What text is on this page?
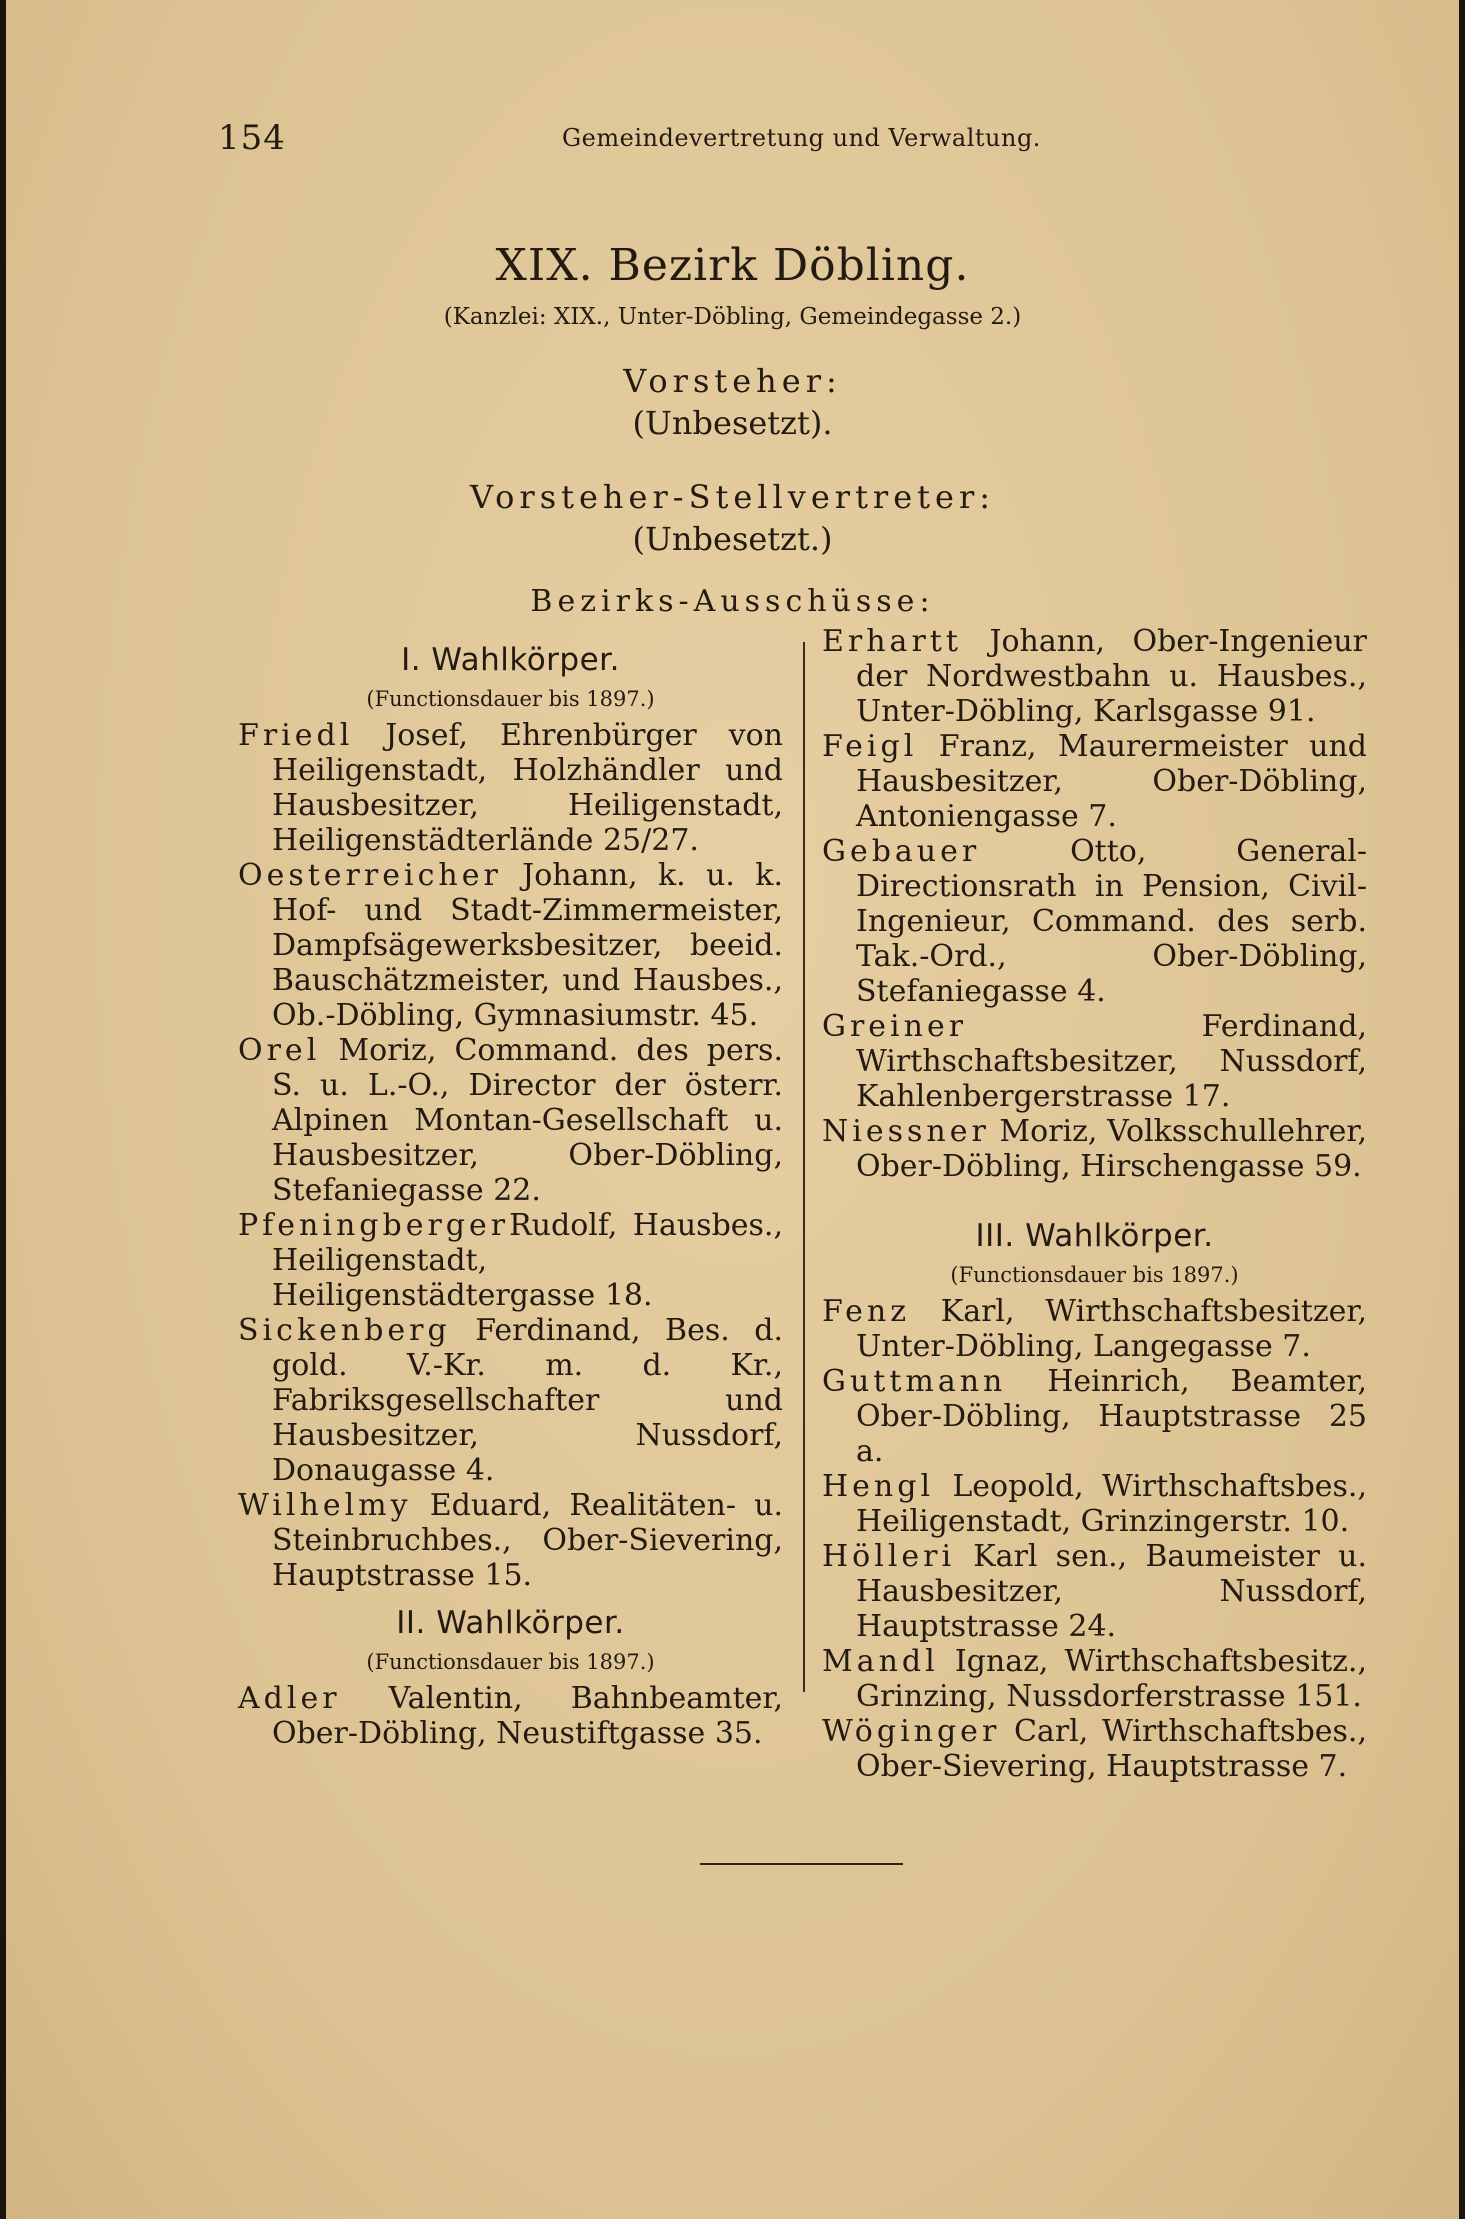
154	Gemeindevertretung und Verwaltung.
XIX. Bezirk Döbling.
(Kanzlei: XIX., Unter-Döbling, Gemeindegasse 2.)
Vorsteher:
(Unbesetzt).
Vorsteher-Stellvertreter:
(Unbesetzt.)
Bezirks-Ausschüsse:
I. Wahlkörper.
(Functionsdauer bis 1897.)

Friedl Josef, Ehrenbürger von Heiligenstadt, Holzhändler und Hausbesitzer, Heiligenstadt, Heiligenstädterlände 25/27.

Oesterreicher Johann, k. u. k. Hof- und Stadt-Zimmermeister, Dampfsägewerksbesitzer, beeid. Bauschätzmeister, und Hausbes., Ob.-Döbling, Gymnasiumstr. 45.

Orel Moriz, Command. des pers. S. u. L.-O., Director der österr. Alpinen Montan-Gesellschaft u. Hausbesitzer, Ober-Döbling, Stefaniegasse 22.

PfeningbergerRudolf, Hausbes., Heiligenstadt, Heiligenstädtergasse 18.

Sickenberg Ferdinand, Bes. d. gold. V.-Kr. m. d. Kr., Fabriksgesellschafter und Hausbesitzer, Nussdorf, Donaugasse 4.

Wilhelmy Eduard, Realitäten- u. Steinbruchbes., Ober-Sievering, Hauptstrasse 15.

II. Wahlkörper.
(Functionsdauer bis 1897.)

Adler Valentin, Bahnbeamter, Ober-Döbling, Neustiftgasse 35.

Erhartt Johann, Ober-Ingenieur der Nordwestbahn u. Hausbes., Unter-Döbling, Karlsgasse 91.

Feigl Franz, Maurermeister und Hausbesitzer, Ober-Döbling, Antoniengasse 7.

Gebauer Otto, General-Directionsrath in Pension, Civil-Ingenieur, Command. des serb. Tak.-Ord., Ober-Döbling, Stefaniegasse 4.

Greiner Ferdinand, Wirthschaftsbesitzer, Nussdorf, Kahlenbergerstrasse 17.

Niessner Moriz, Volksschullehrer, Ober-Döbling, Hirschengasse 59.

III. Wahlkörper.
(Functionsdauer bis 1897.)

Fenz Karl, Wirthschaftsbesitzer, Unter-Döbling, Langegasse 7.

Guttmann Heinrich, Beamter, Ober-Döbling, Hauptstrasse 25 a.

Hengl Leopold, Wirthschaftsbes., Heiligenstadt, Grinzingerstr. 10.

Hölleri Karl sen., Baumeister u. Hausbesitzer, Nussdorf, Hauptstrasse 24.

Mandl Ignaz, Wirthschaftsbesitz., Grinzing, Nussdorferstrasse 151.

Wöginger Carl, Wirthschaftsbes., Ober-Sievering, Hauptstrasse 7.
